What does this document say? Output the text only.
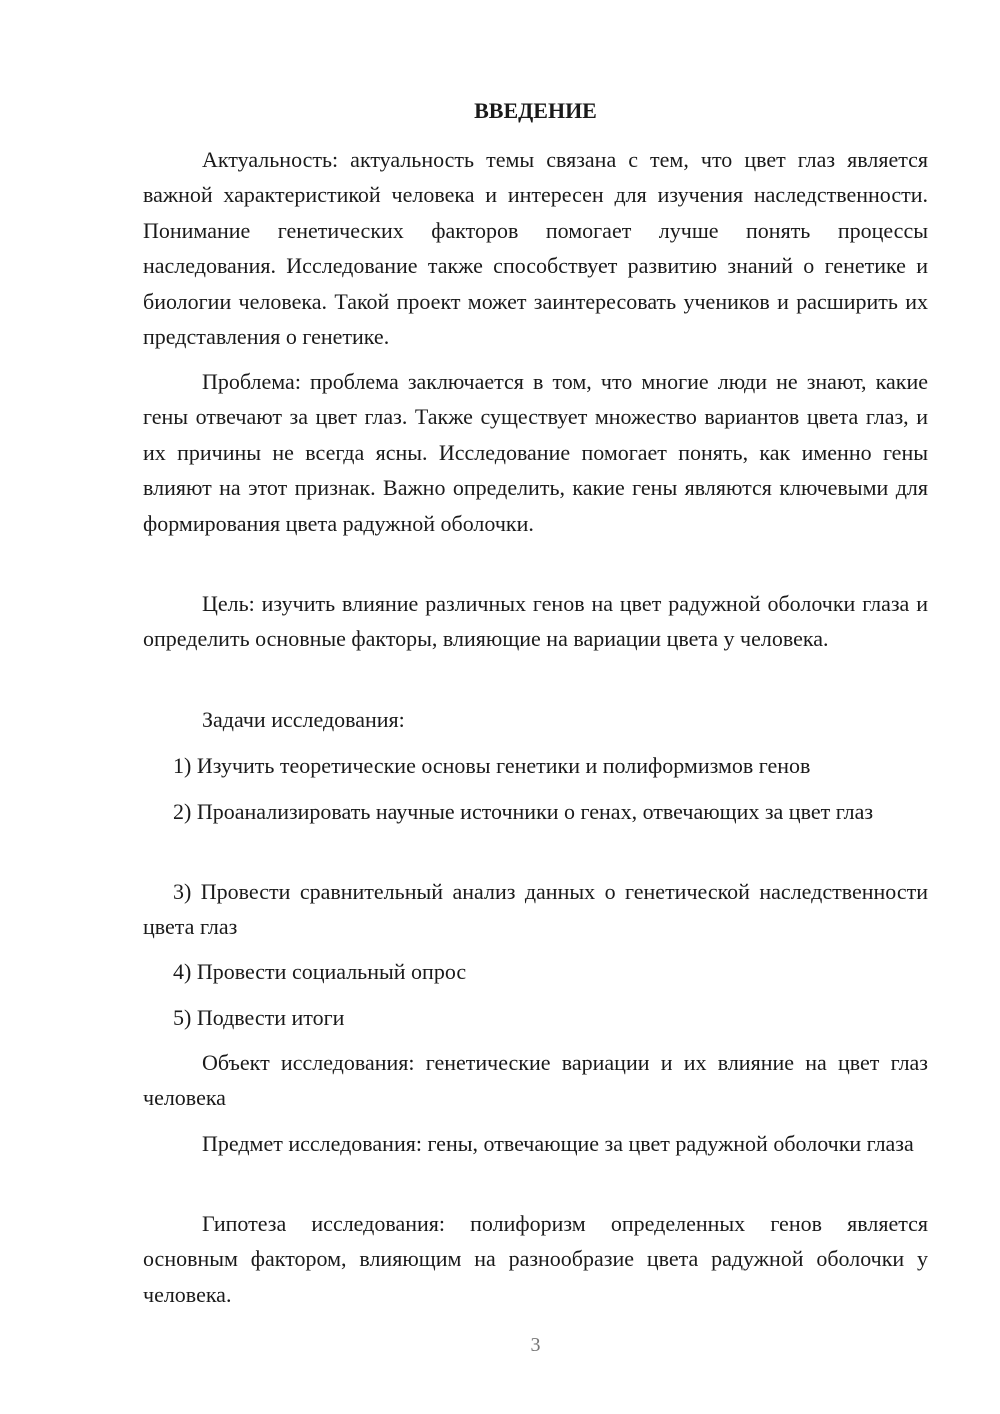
ВВЕДЕНИЕ

Актуальность: актуальность темы связана с тем, что цвет глаз является важной характеристикой человека и интересен для изучения наследственности. Понимание генетических факторов помогает лучше понять процессы наследования. Исследование также способствует развитию знаний о генетике и биологии человека. Такой проект может заинтересовать учеников и расширить их представления о генетике.

Проблема: проблема заключается в том, что многие люди не знают, какие гены отвечают за цвет глаз. Также существует множество вариантов цвета глаз, и их причины не всегда ясны. Исследование помогает понять, как именно гены влияют на этот признак. Важно определить, какие гены являются ключевыми для формирования цвета радужной оболочки.

Цель: изучить влияние различных генов на цвет радужной оболочки глаза и определить основные факторы, влияющие на вариации цвета у человека.

Задачи исследования:

1) Изучить теоретические основы генетики и полиформизмов генов

2) Проанализировать научные источники о генах, отвечающих за цвет глаз

3) Провести сравнительный анализ данных о генетической наследственности цвета глаз

4) Провести социальный опрос

5) Подвести итоги

Объект исследования: генетические вариации и их влияние на цвет глаз человека

Предмет исследования: гены, отвечающие за цвет радужной оболочки глаза

Гипотеза исследования: полифоризм определенных генов является основным фактором, влияющим на разнообразие цвета радужной оболочки у человека.

3
